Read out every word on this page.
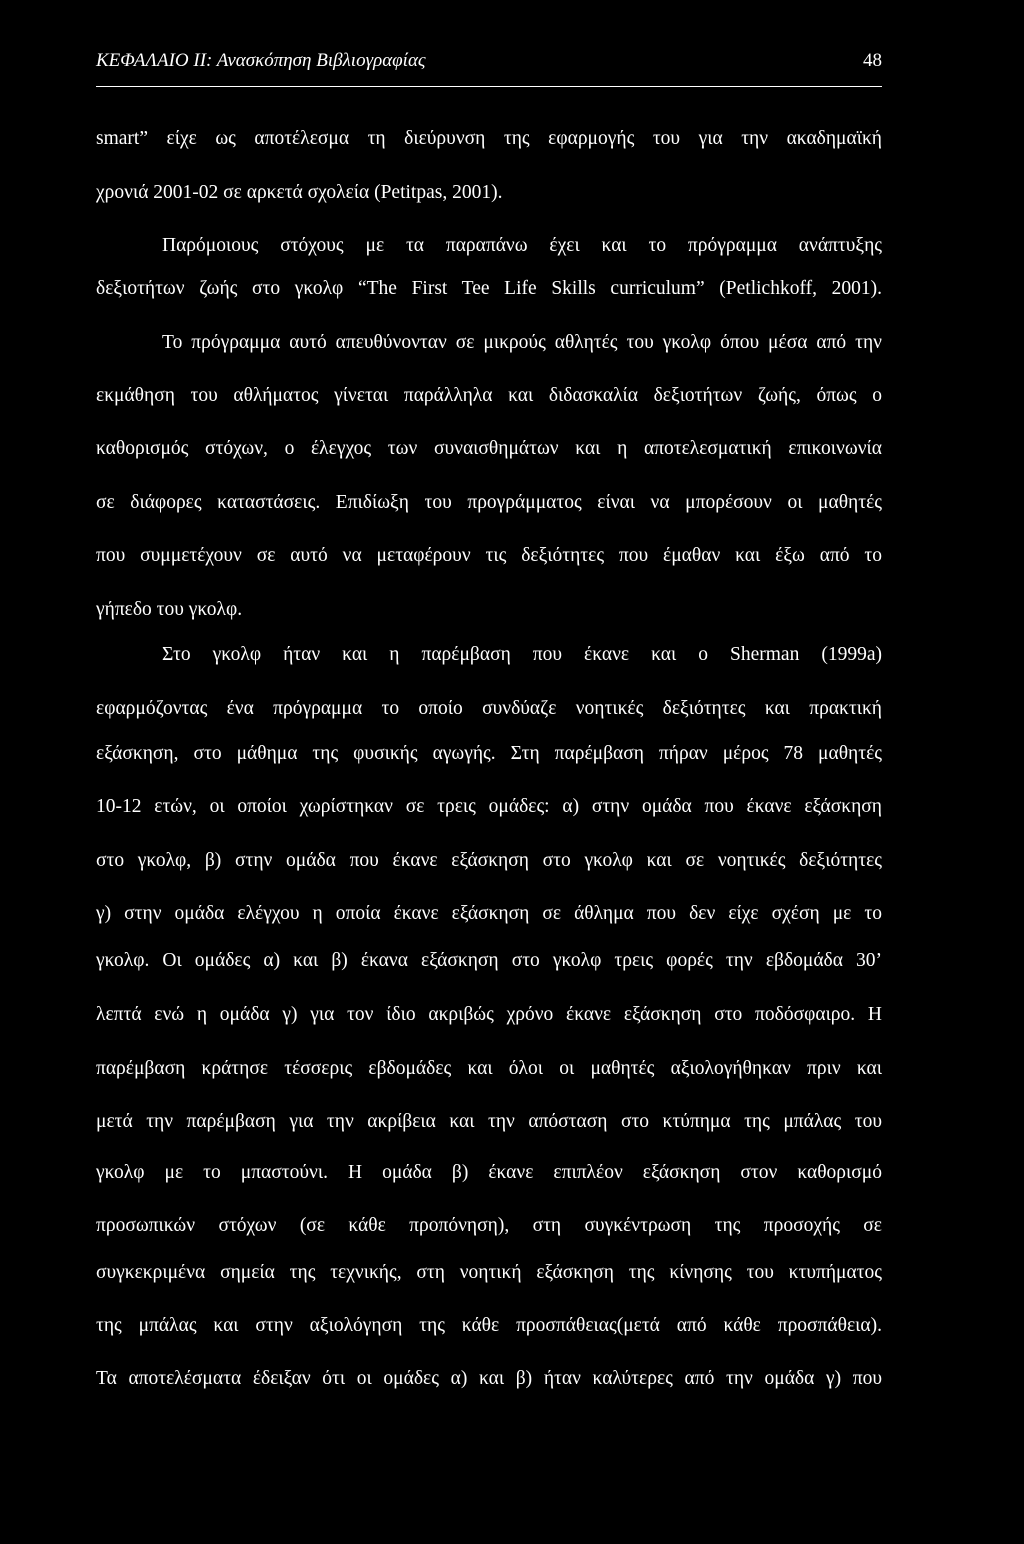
ΚΕΦΑΛΑΙΟ ΙΙ: Ανασκόπηση Βιβλιογραφίας	48
smart” είχε ως αποτέλεσμα τη διεύρυνση της εφαρμογής του για την ακαδημαϊκή
χρονιά 2001-02 σε αρκετά σχολεία (Petitpas, 2001).
Παρόμοιους στόχους με τα παραπάνω έχει και το πρόγραμμα ανάπτυξης
δεξιοτήτων ζωής στο γκολφ “The First Tee Life Skills curriculum” (Petlichkoff, 2001).
Το πρόγραμμα αυτό απευθύνονταν σε μικρούς αθλητές του γκολφ όπου μέσα από την
εκμάθηση του αθλήματος γίνεται παράλληλα και διδασκαλία δεξιοτήτων ζωής, όπως ο
καθορισμός στόχων, ο έλεγχος των συναισθημάτων και η αποτελεσματική επικοινωνία
σε διάφορες καταστάσεις. Επιδίωξη του προγράμματος είναι να μπορέσουν οι μαθητές
που συμμετέχουν σε αυτό να μεταφέρουν τις δεξιότητες που έμαθαν και έξω από το
γήπεδο του γκολφ.
Στο γκολφ ήταν και η παρέμβαση που έκανε και ο Sherman (1999a)
εφαρμόζοντας ένα πρόγραμμα το οποίο συνδύαζε νοητικές δεξιότητες και πρακτική
εξάσκηση, στο μάθημα της φυσικής αγωγής. Στη παρέμβαση πήραν μέρος 78 μαθητές
10-12 ετών, οι οποίοι χωρίστηκαν σε τρεις ομάδες: α) στην ομάδα που έκανε εξάσκηση
στο γκολφ, β) στην ομάδα που έκανε εξάσκηση στο γκολφ και σε νοητικές δεξιότητες
γ) στην ομάδα ελέγχου η οποία έκανε εξάσκηση σε άθλημα που δεν είχε σχέση με το
γκολφ. Οι ομάδες α) και β) έκανα εξάσκηση στο γκολφ τρεις φορές την εβδομάδα 30’
λεπτά ενώ η ομάδα γ) για τον ίδιο ακριβώς χρόνο έκανε εξάσκηση στο ποδόσφαιρο. Η
παρέμβαση κράτησε τέσσερις εβδομάδες και όλοι οι μαθητές αξιολογήθηκαν πριν και
μετά την παρέμβαση για την ακρίβεια και την απόσταση στο κτύπημα της μπάλας του
γκολφ με το μπαστούνι. Η ομάδα β) έκανε επιπλέον εξάσκηση στον καθορισμό
προσωπικών στόχων (σε κάθε προπόνηση), στη συγκέντρωση της προσοχής σε
συγκεκριμένα σημεία της τεχνικής, στη νοητική εξάσκηση της κίνησης του κτυπήματος
της μπάλας και στην αξιολόγηση της κάθε προσπάθειας(μετά από κάθε προσπάθεια).
Τα αποτελέσματα έδειξαν ότι οι ομάδες α) και β) ήταν καλύτερες από την ομάδα γ) που
